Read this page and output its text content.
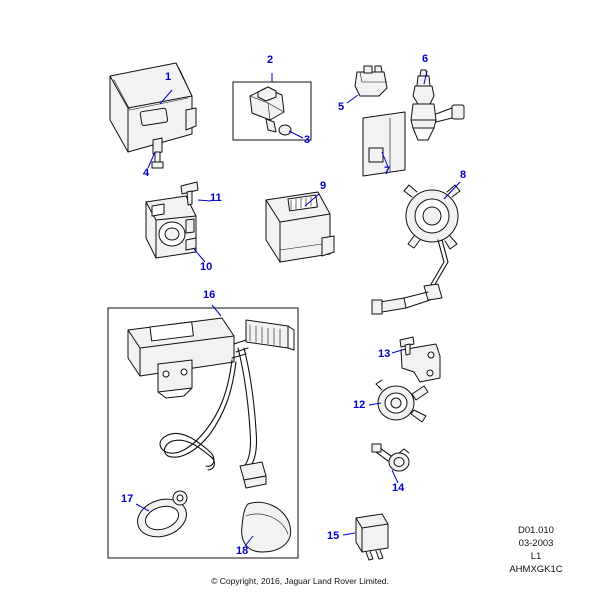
1
2
3
4
5
6
7	8
9
10
11
12
13
14
15
16
17
18
D01.010
03-2003
L1
AHMXGK1C
© Copyright, 2016, Jaguar Land Rover Limited.
